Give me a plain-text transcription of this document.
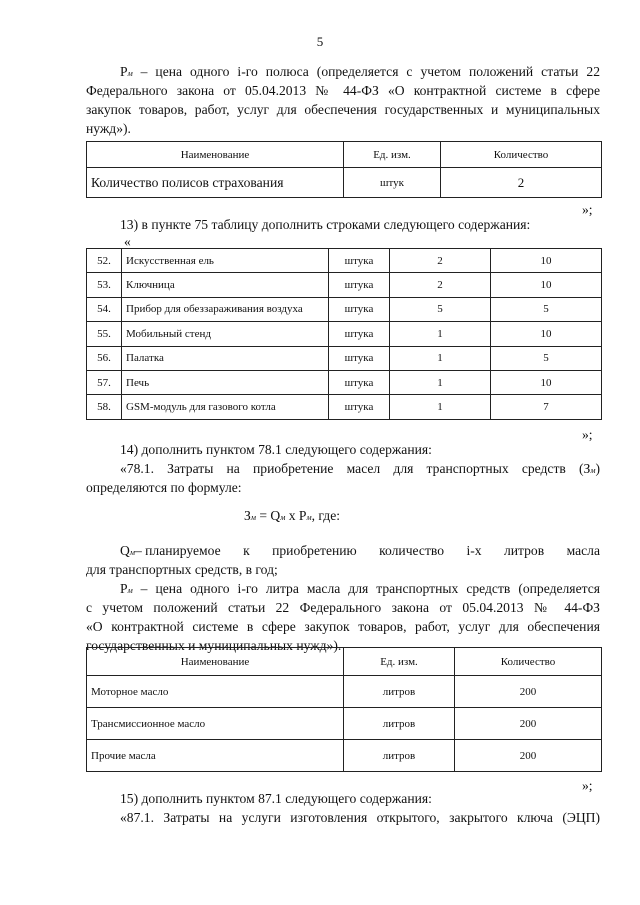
5
Рм – цена одного i-го полюса (определяется с учетом положений статьи 22
Федерального закона от 05.04.2013 № 44-ФЗ «О контрактной системе в сфере
закупок товаров, работ, услуг для обеспечения государственных и муниципальных
нужд»).
Наименование	Ед. изм.	Количество
Количество полисов страхования	штук	2
»;
13) в пункте 75 таблицу дополнить строками следующего содержания:
«
52.	Искусственная ель	штука	2	10
53.	Ключница	штука	2	10
54.	Прибор для обеззараживания воздуха	штука	5	5
55.	Мобильный стенд	штука	1	10
56.	Палатка	штука	1	5
57.	Печь	штука	1	10
58.	GSM-модуль для газового котла	штука	1	7
»;
14) дополнить пунктом 78.1 следующего содержания:
«78.1. Затраты на приобретение масел для транспортных средств (Зм)
определяются по формуле:
Зм = Qм х Рм, где:
Qм– планируемое к приобретению количество i-х литров масла
для транспортных средств, в год;
Рм – цена одного i-го литра масла для транспортных средств (определяется
с учетом положений статьи 22 Федерального закона от 05.04.2013 № 44-ФЗ
«О контрактной системе в сфере закупок товаров, работ, услуг для обеспечения
государственных и муниципальных нужд»).
Наименование	Ед. изм.	Количество
Моторное масло	литров	200
Трансмиссионное масло	литров	200
Прочие масла	литров	200
»;
15) дополнить пунктом 87.1 следующего содержания:
«87.1. Затраты на услуги изготовления открытого, закрытого ключа (ЭЦП)
